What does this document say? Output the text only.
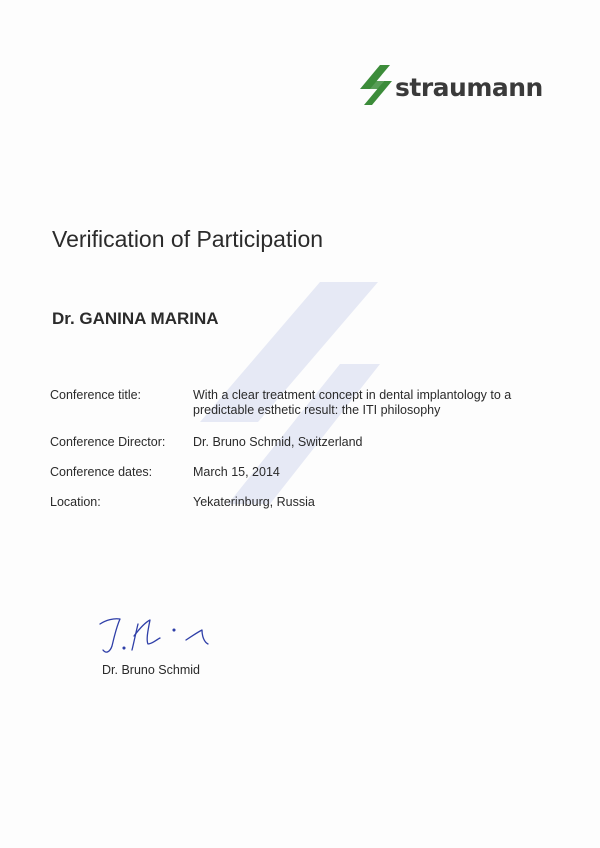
straumann
Verification of Participation
Dr. GANINA MARINA
Conference title:	With a clear treatment concept in dental implantology to a predictable esthetic result: the ITI philosophy
Conference Director:	Dr. Bruno Schmid, Switzerland
Conference dates:	March 15, 2014
Location:	Yekaterinburg, Russia
Dr. Bruno Schmid
